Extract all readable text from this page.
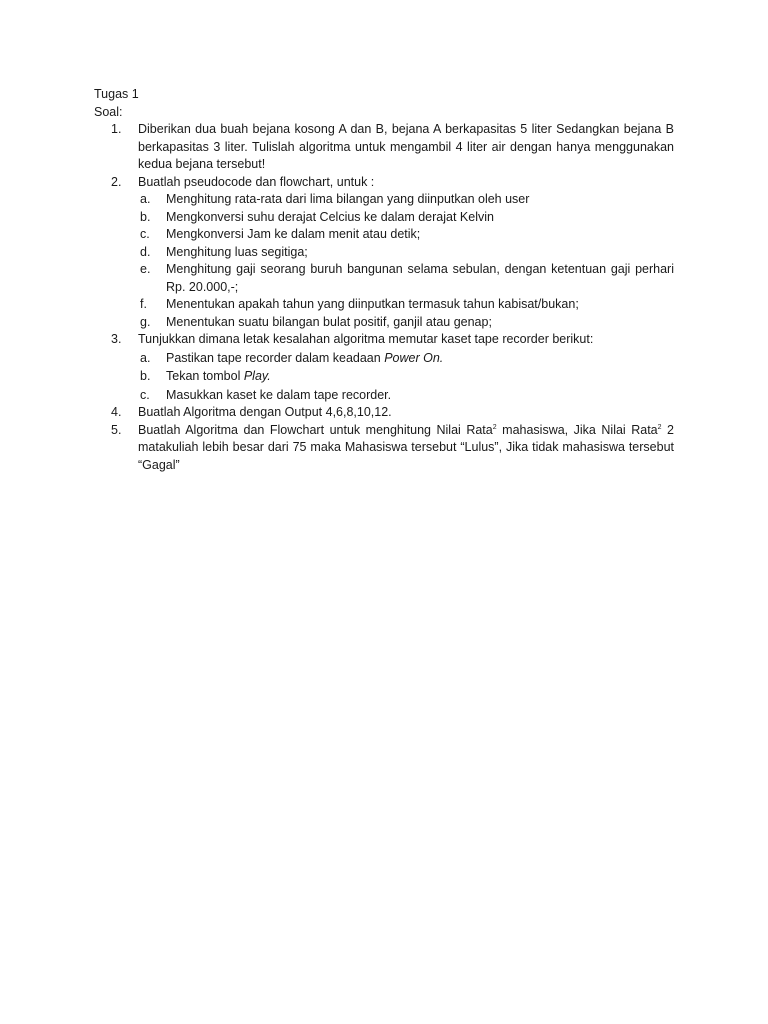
Tugas 1
Soal:
1. Diberikan dua buah bejana kosong A dan B, bejana A berkapasitas 5 liter Sedangkan bejana B berkapasitas 3 liter. Tulislah algoritma untuk mengambil 4 liter air dengan hanya menggunakan kedua bejana tersebut!
2. Buatlah pseudocode dan flowchart, untuk :
a. Menghitung rata-rata dari lima bilangan yang diinputkan oleh user
b. Mengkonversi suhu derajat Celcius ke dalam derajat Kelvin
c. Mengkonversi Jam ke dalam menit atau detik;
d. Menghitung luas segitiga;
e. Menghitung gaji seorang buruh bangunan selama sebulan, dengan ketentuan gaji perhari Rp. 20.000,-;
f. Menentukan apakah tahun yang diinputkan termasuk tahun kabisat/bukan;
g. Menentukan suatu bilangan bulat positif, ganjil atau genap;
3. Tunjukkan dimana letak kesalahan algoritma memutar kaset tape recorder berikut:
a. Pastikan tape recorder dalam keadaan Power On.
b. Tekan tombol Play.
c. Masukkan kaset ke dalam tape recorder.
4. Buatlah Algoritma dengan Output 4,6,8,10,12.
5. Buatlah Algoritma dan Flowchart untuk menghitung Nilai Rata$^2$ mahasiswa, Jika Nilai Rata$^2$ 2 matakuliah lebih besar dari 75 maka Mahasiswa tersebut “Lulus”, Jika tidak mahasiswa tersebut “Gagal”
